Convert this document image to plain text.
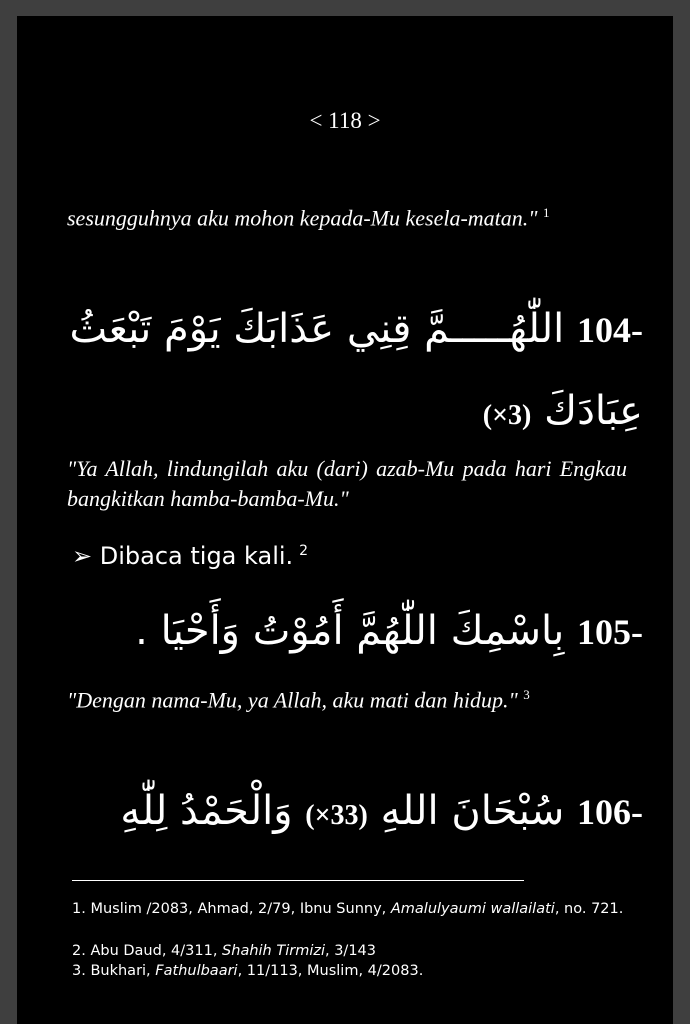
< 118 >
sesungguhnya aku mohon kepada-Mu kesela-matan." $^1$
104- اللّٰهُـــــمَّ قِنِي عَذَابَكَ يَوْمَ تَبْعَثُ
عِبَادَكَ (×3)
"Ya Allah, lindungilah aku (dari) azab-Mu pada hari Engkau bangkitkan hamba-bamba-Mu."
➢ Dibaca tiga kali. $^2$
105- بِاسْمِكَ اللّٰهُمَّ أَمُوْتُ وَأَحْيَا .
"Dengan nama-Mu, ya Allah, aku mati dan hidup." $^3$
106- سُبْحَانَ اللهِ (×33) وَالْحَمْدُ لِلّٰهِ
1. Muslim /2083, Ahmad, 2/79, Ibnu Sunny, Amalulyaumi wallailati, no. 721.
2. Abu Daud, 4/311, Shahih Tirmizi, 3/143
3. Bukhari, Fathulbaari, 11/113, Muslim, 4/2083.
